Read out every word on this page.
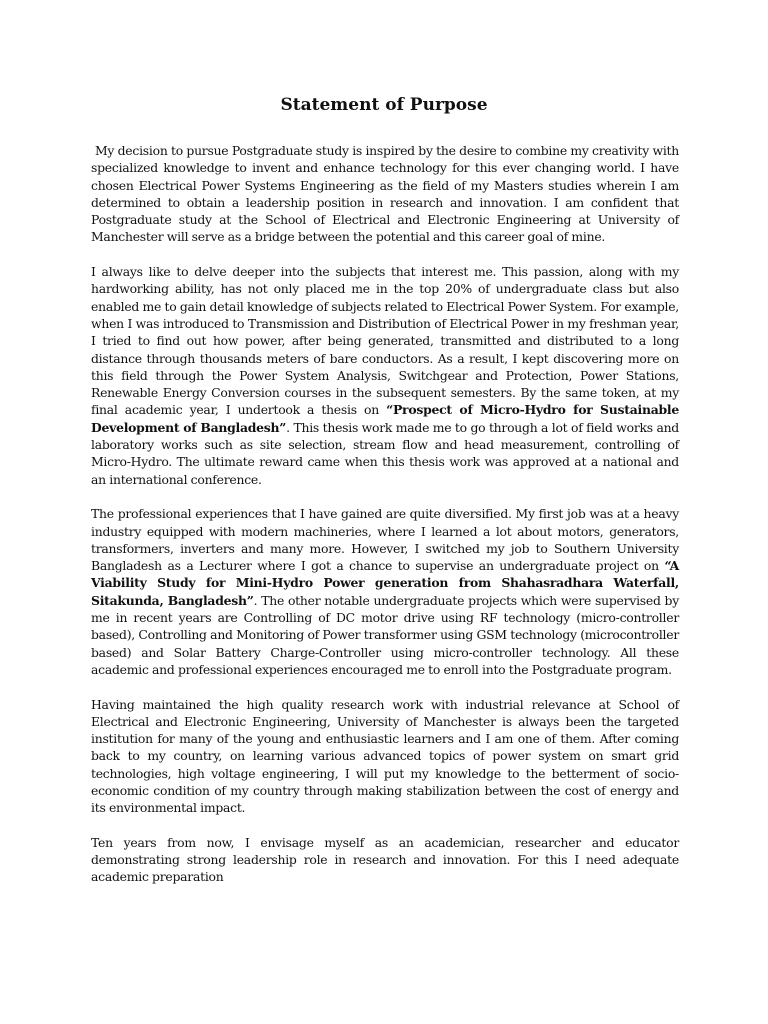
Statement of Purpose

My decision to pursue Postgraduate study is inspired by the desire to combine my creativity with specialized knowledge to invent and enhance technology for this ever changing world. I have chosen Electrical Power Systems Engineering as the field of my Masters studies wherein I am determined to obtain a leadership position in research and innovation. I am confident that Postgraduate study at the School of Electrical and Electronic Engineering at University of Manchester will serve as a bridge between the potential and this career goal of mine.

I always like to delve deeper into the subjects that interest me. This passion, along with my hardworking ability, has not only placed me in the top 20% of undergraduate class but also enabled me to gain detail knowledge of subjects related to Electrical Power System. For example, when I was introduced to Transmission and Distribution of Electrical Power in my freshman year, I tried to find out how power, after being generated, transmitted and distributed to a long distance through thousands meters of bare conductors. As a result, I kept discovering more on this field through the Power System Analysis, Switchgear and Protection, Power Stations, Renewable Energy Conversion courses in the subsequent semesters. By the same token, at my final academic year, I undertook a thesis on “Prospect of Micro-Hydro for Sustainable Development of Bangladesh”. This thesis work made me to go through a lot of field works and laboratory works such as site selection, stream flow and head measurement, controlling of Micro-Hydro. The ultimate reward came when this thesis work was approved at a national and an international conference.

The professional experiences that I have gained are quite diversified. My first job was at a heavy industry equipped with modern machineries, where I learned a lot about motors, generators, transformers, inverters and many more. However, I switched my job to Southern University Bangladesh as a Lecturer where I got a chance to supervise an undergraduate project on “A Viability Study for Mini-Hydro Power generation from Shahasradhara Waterfall, Sitakunda, Bangladesh”. The other notable undergraduate projects which were supervised by me in recent years are Controlling of DC motor drive using RF technology (micro-controller based), Controlling and Monitoring of Power transformer using GSM technology (microcontroller based) and Solar Battery Charge-Controller using micro-controller technology. All these academic and professional experiences encouraged me to enroll into the Postgraduate program.

Having maintained the high quality research work with industrial relevance at School of Electrical and Electronic Engineering, University of Manchester is always been the targeted institution for many of the young and enthusiastic learners and I am one of them. After coming back to my country, on learning various advanced topics of power system on smart grid technologies, high voltage engineering, I will put my knowledge to the betterment of socio-economic condition of my country through making stabilization between the cost of energy and its environmental impact.

Ten years from now, I envisage myself as an academician, researcher and educator demonstrating strong leadership role in research and innovation. For this I need adequate academic preparation
